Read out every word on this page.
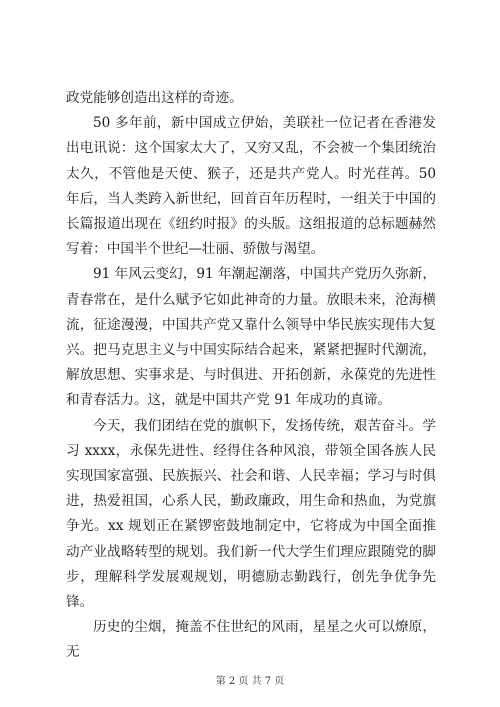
政党能够创造出这样的奇迹。

50 多年前，新中国成立伊始，美联社一位记者在香港发出电讯说：这个国家太大了，又穷又乱，不会被一个集团统治太久，不管他是天使、猴子，还是共产党人。时光荏苒。50 年后，当人类跨入新世纪，回首百年历程时，一组关于中国的长篇报道出现在《纽约时报》的头版。这组报道的总标题赫然写着：中国半个世纪—壮丽、骄傲与渴望。

91 年风云变幻，91 年潮起潮落，中国共产党历久弥新，青春常在，是什么赋予它如此神奇的力量。放眼未来，沧海横流，征途漫漫，中国共产党又靠什么领导中华民族实现伟大复兴。把马克思主义与中国实际结合起来，紧紧把握时代潮流，解放思想、实事求是、与时俱进、开拓创新，永葆党的先进性和青春活力。这，就是中国共产党 91 年成功的真谛。

今天，我们团结在党的旗帜下，发扬传统，艰苦奋斗。学习 xxxx，永保先进性、经得住各种风浪，带领全国各族人民实现国家富强、民族振兴、社会和谐、人民幸福；学习与时俱进，热爱祖国，心系人民，勤政廉政，用生命和热血，为党旗争光。xx 规划正在紧锣密鼓地制定中，它将成为中国全面推动产业战略转型的规划。我们新一代大学生们理应跟随党的脚步，理解科学发展观规划，明德励志勤践行，创先争优争先锋。

历史的尘烟，掩盖不住世纪的风雨，星星之火可以燎原，无

第 2 页 共 7 页
